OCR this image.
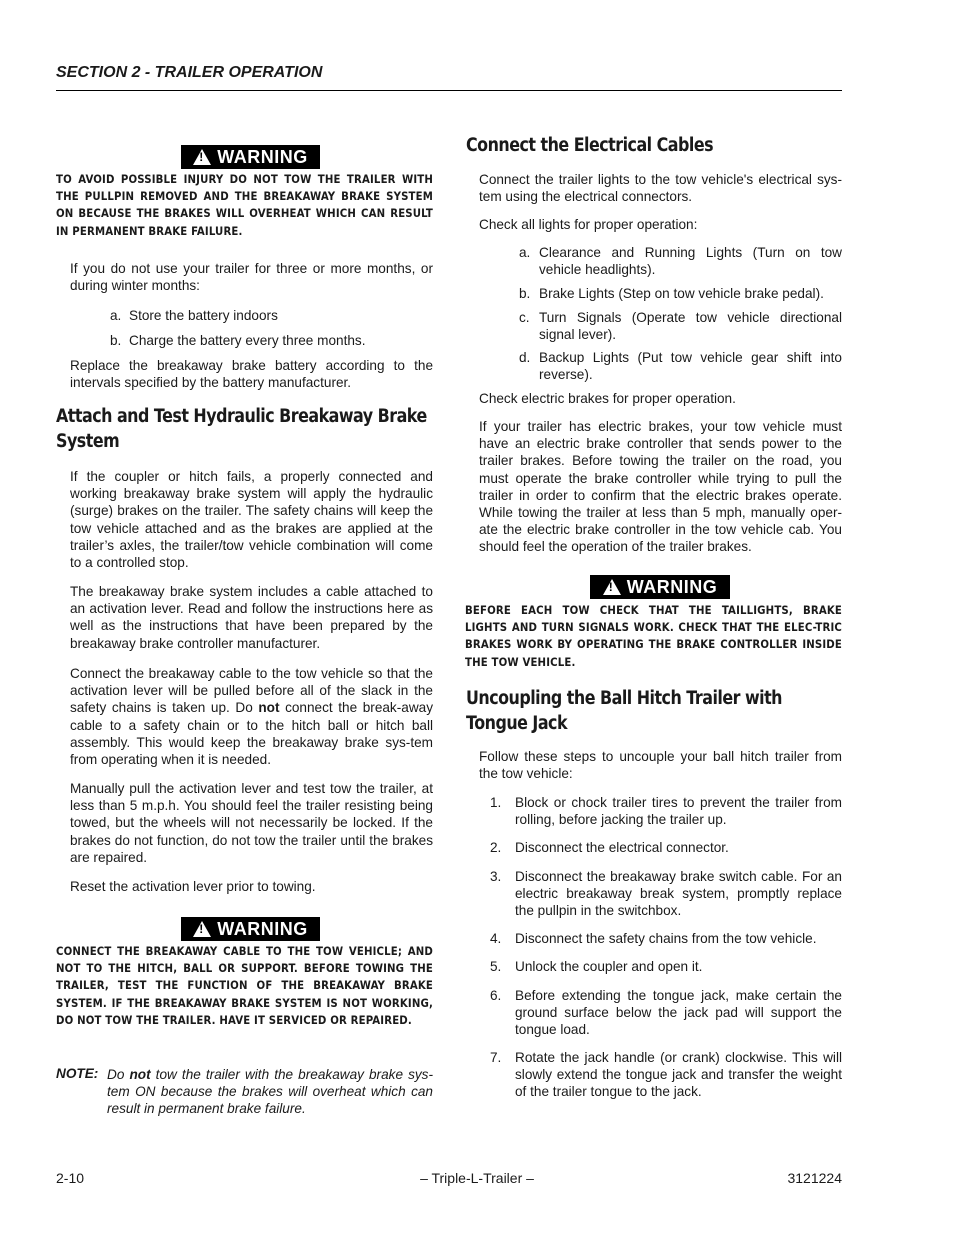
SECTION 2 - TRAILER OPERATION
!
WARNING
TO AVOID POSSIBLE INJURY DO NOT TOW THE TRAILER WITH THE PULLPIN REMOVED AND THE BREAKAWAY BRAKE SYSTEM ON BECAUSE THE BRAKES WILL OVERHEAT WHICH CAN RESULT IN PERMANENT BRAKE FAILURE.
If you do not use your trailer for three or more months, or during winter months:
a. Store the battery indoors
b. Charge the battery every three months.
Replace the breakaway brake battery according to the intervals specified by the battery manufacturer.
Attach and Test Hydraulic Breakaway Brake System
If the coupler or hitch fails, a properly connected and working breakaway brake system will apply the hydraulic (surge) brakes on the trailer. The safety chains will keep the tow vehicle attached and as the brakes are applied at the trailer’s axles, the trailer/tow vehicle combination will come to a controlled stop.
The breakaway brake system includes a cable attached to an activation lever. Read and follow the instructions here as well as the instructions that have been prepared by the breakaway brake controller manufacturer.
Connect the breakaway cable to the tow vehicle so that the activation lever will be pulled before all of the slack in the safety chains is taken up. Do not connect the break-away cable to a safety chain or to the hitch ball or hitch ball assembly. This would keep the breakaway brake sys-tem from operating when it is needed.
Manually pull the activation lever and test tow the trailer, at less than 5 m.p.h. You should feel the trailer resisting being towed, but the wheels will not necessarily be locked. If the brakes do not function, do not tow the trailer until the brakes are repaired.
Reset the activation lever prior to towing.
!
WARNING
CONNECT THE BREAKAWAY CABLE TO THE TOW VEHICLE; AND NOT TO THE HITCH, BALL OR SUPPORT. BEFORE TOWING THE TRAILER, TEST THE FUNCTION OF THE BREAKAWAY BRAKE SYSTEM. IF THE BREAKAWAY BRAKE SYSTEM IS NOT WORKING, DO NOT TOW THE TRAILER. HAVE IT SERVICED OR REPAIRED.
NOTE: Do not tow the trailer with the breakaway brake sys-tem ON because the brakes will overheat which can result in permanent brake failure.
Connect the Electrical Cables
Connect the trailer lights to the tow vehicle's electrical sys-tem using the electrical connectors.
Check all lights for proper operation:
a. Clearance and Running Lights (Turn on tow vehicle headlights).
b. Brake Lights (Step on tow vehicle brake pedal).
c. Turn Signals (Operate tow vehicle directional signal lever).
d. Backup Lights (Put tow vehicle gear shift into reverse).
Check electric brakes for proper operation.
If your trailer has electric brakes, your tow vehicle must have an electric brake controller that sends power to the trailer brakes. Before towing the trailer on the road, you must operate the brake controller while trying to pull the trailer in order to confirm that the electric brakes operate. While towing the trailer at less than 5 mph, manually oper-ate the electric brake controller in the tow vehicle cab. You should feel the operation of the trailer brakes.
!
WARNING
BEFORE EACH TOW CHECK THAT THE TAILLIGHTS, BRAKE LIGHTS AND TURN SIGNALS WORK. CHECK THAT THE ELEC-TRIC BRAKES WORK BY OPERATING THE BRAKE CONTROLLER INSIDE THE TOW VEHICLE.
Uncoupling the Ball Hitch Trailer with Tongue Jack
Follow these steps to uncouple your ball hitch trailer from the tow vehicle:
1. Block or chock trailer tires to prevent the trailer from rolling, before jacking the trailer up.
2. Disconnect the electrical connector.
3. Disconnect the breakaway brake switch cable. For an electric breakaway break system, promptly replace the pullpin in the switchbox.
4. Disconnect the safety chains from the tow vehicle.
5. Unlock the coupler and open it.
6. Before extending the tongue jack, make certain the ground surface below the jack pad will support the tongue load.
7. Rotate the jack handle (or crank) clockwise. This will slowly extend the tongue jack and transfer the weight of the trailer tongue to the jack.
2-10	– Triple-L-Trailer –	3121224
